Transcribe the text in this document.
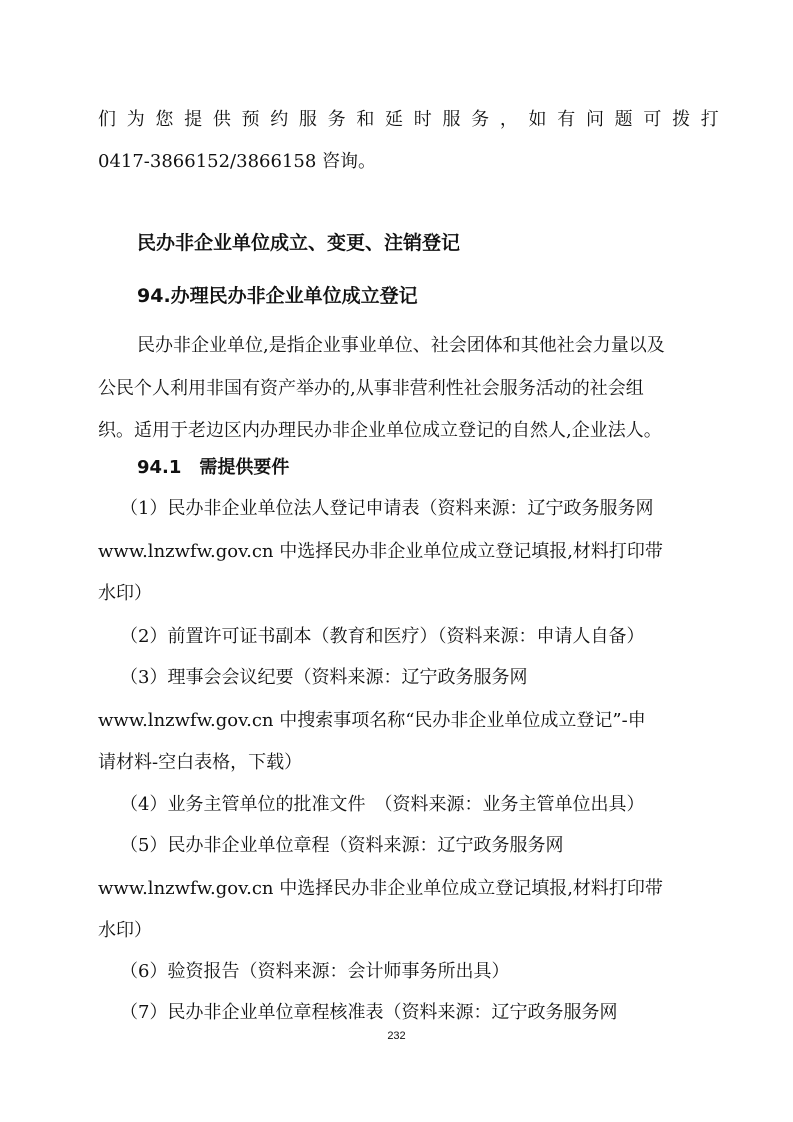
们 为 您 提 供 预 约 服 务 和 延 时 服 务 ， 如 有 问 题 可 拨 打
0417-3866152/3866158 咨询。
民办非企业单位成立、变更、注销登记
94.办理民办非企业单位成立登记
民办非企业单位,是指企业事业单位、社会团体和其他社会力量以及
公民个人利用非国有资产举办的,从事非营利性社会服务活动的社会组
织。适用于老边区内办理民办非企业单位成立登记的自然人,企业法人。
94.1　需提供要件
（1）民办非企业单位法人登记申请表（资料来源：辽宁政务服务网
www.lnzwfw.gov.cn 中选择民办非企业单位成立登记填报,材料打印带
水印）
（2）前置许可证书副本（教育和医疗）（资料来源：申请人自备）
（3）理事会会议纪要（资料来源：辽宁政务服务网
www.lnzwfw.gov.cn 中搜索事项名称“民办非企业单位成立登记”-申
请材料-空白表格，下载）
（4）业务主管单位的批准文件　（资料来源：业务主管单位出具）
（5）民办非企业单位章程（资料来源：辽宁政务服务网
www.lnzwfw.gov.cn 中选择民办非企业单位成立登记填报,材料打印带
水印）
（6）验资报告（资料来源：会计师事务所出具）
（7）民办非企业单位章程核准表（资料来源：辽宁政务服务网
232
